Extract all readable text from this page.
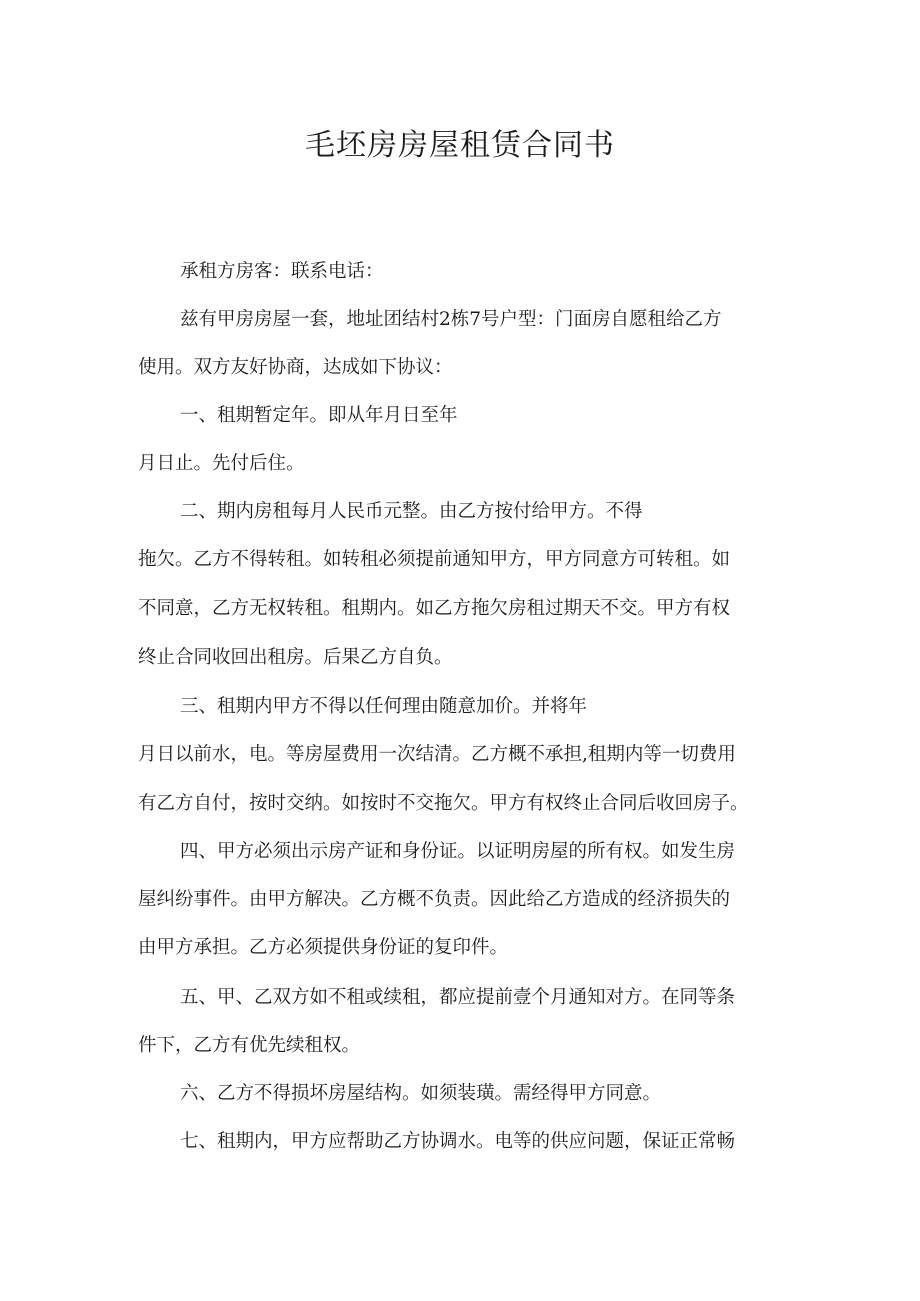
毛坯房房屋租赁合同书

承租方房客：联系电话：

兹有甲房房屋一套，地址团结村2栋7号户型：门面房自愿租给乙方

使用。双方友好协商，达成如下协议：

一、租期暂定年。即从年月日至年

月日止。先付后住。

二、期内房租每月人民币元整。由乙方按付给甲方。不得

拖欠。乙方不得转租。如转租必须提前通知甲方，甲方同意方可转租。如

不同意，乙方无权转租。租期内。如乙方拖欠房租过期天不交。甲方有权

终止合同收回出租房。后果乙方自负。

三、租期内甲方不得以任何理由随意加价。并将年

月日以前水，电。等房屋费用一次结清。乙方概不承担,租期内等一切费用

有乙方自付，按时交纳。如按时不交拖欠。甲方有权终止合同后收回房子。

四、甲方必须出示房产证和身份证。以证明房屋的所有权。如发生房

屋纠纷事件。由甲方解决。乙方概不负责。因此给乙方造成的经济损失的

由甲方承担。乙方必须提供身份证的复印件。

五、甲、乙双方如不租或续租，都应提前壹个月通知对方。在同等条

件下，乙方有优先续租权。

六、乙方不得损坏房屋结构。如须装璜。需经得甲方同意。

七、租期内，甲方应帮助乙方协调水。电等的供应问题，保证正常畅
